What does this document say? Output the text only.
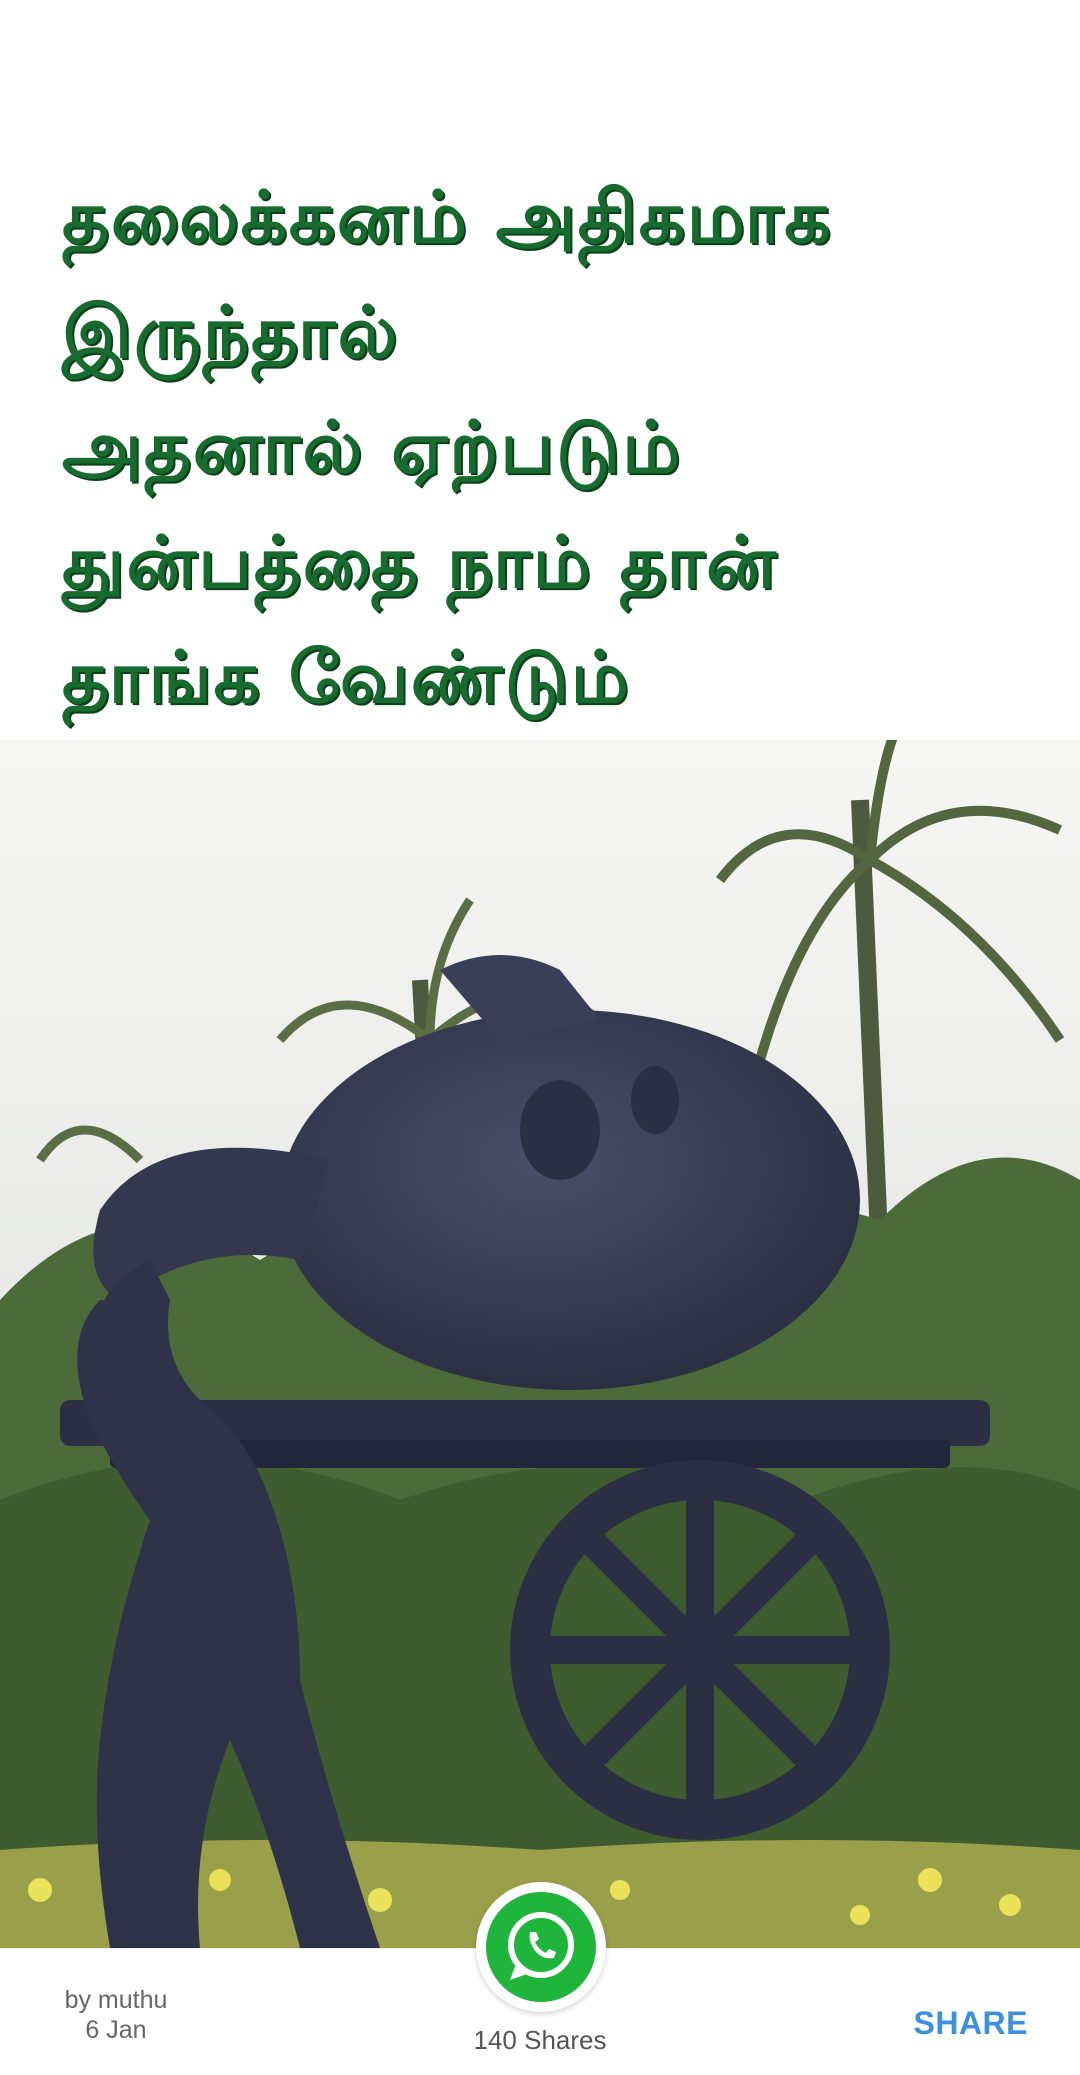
தலைக்கனம் அதிகமாக
இருந்தால்
அதனால் ஏற்படும்
துன்பத்தை நாம் தான்
தாங்க வேண்டும்
by muthu
6 Jan	140 Shares	SHARE
